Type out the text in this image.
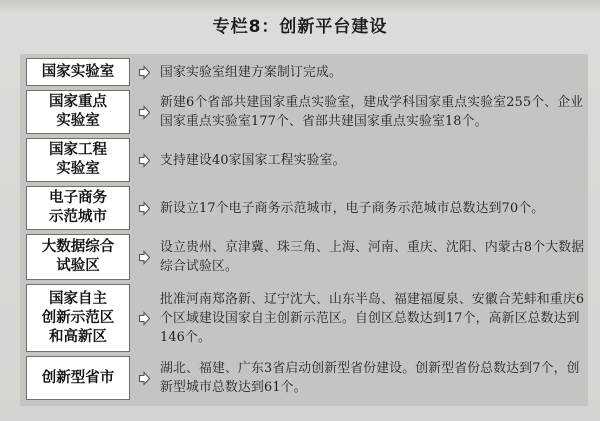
专栏8：创新平台建设
国家实验室	国家实验室组建方案制订完成。
国家重点
实验室
新建6个省部共建国家重点实验室，建成学科国家重点实验室255个、企业国家重点实验室177个、省部共建国家重点实验室18个。
国家工程
实验室
支持建设40家国家工程实验室。
电子商务
示范城市
新设立17个电子商务示范城市，电子商务示范城市总数达到70个。
大数据综合
试验区
设立贵州、京津冀、珠三角、上海、河南、重庆、沈阳、内蒙古8个大数据综合试验区。
国家自主
创新示范区
和高新区
批准河南郑洛新、辽宁沈大、山东半岛、福建福厦泉、安徽合芜蚌和重庆6个区域建设国家自主创新示范区。自创区总数达到17个，高新区总数达到146个。
创新型省市
湖北、福建、广东3省启动创新型省份建设。创新型省份总数达到7个，创新型城市总数达到61个。
